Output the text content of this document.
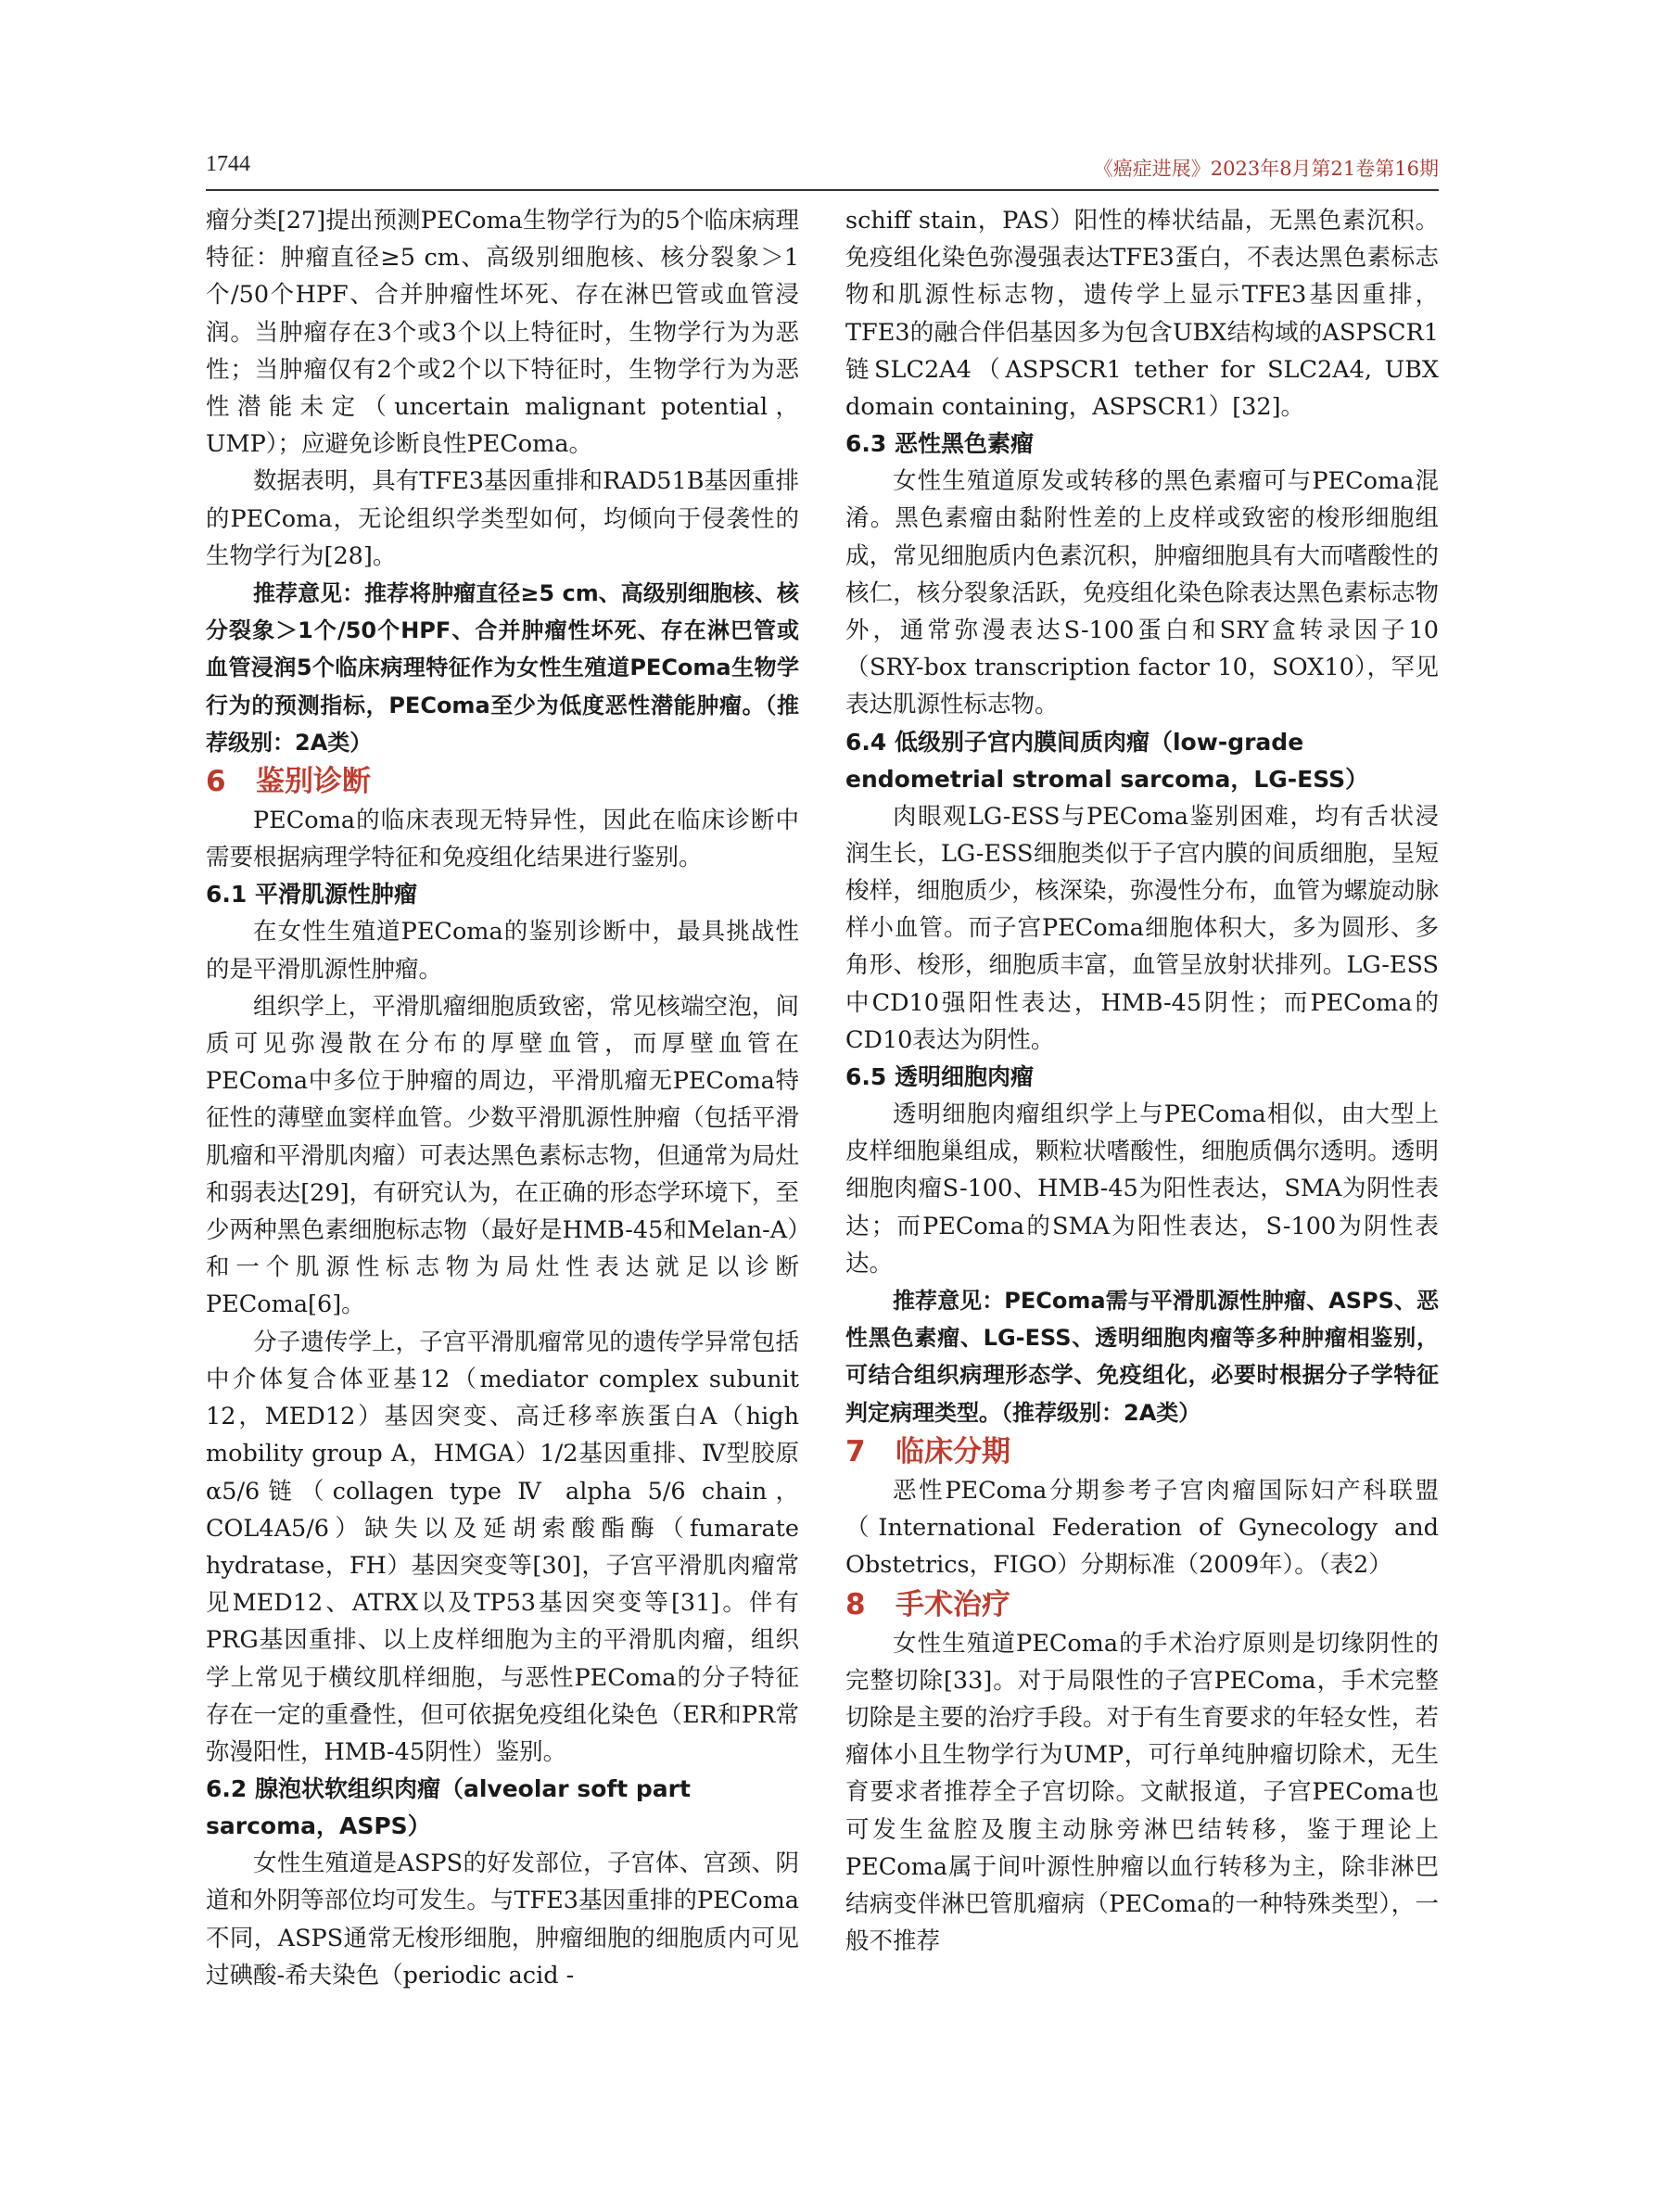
1744	《癌症进展》2023年8月第21卷第16期

瘤分类[27]提出预测PEComa生物学行为的5个临床病理特征：肿瘤直径≥5 cm、高级别细胞核、核分裂象＞1个/50个HPF、合并肿瘤性坏死、存在淋巴管或血管浸润。当肿瘤存在3个或3个以上特征时，生物学行为为恶性；当肿瘤仅有2个或2个以下特征时，生物学行为为恶性潜能未定（uncertain malignant potential，UMP）；应避免诊断良性PEComa。

数据表明，具有TFE3基因重排和RAD51B基因重排的PEComa，无论组织学类型如何，均倾向于侵袭性的生物学行为[28]。

推荐意见：推荐将肿瘤直径≥5 cm、高级别细胞核、核分裂象＞1个/50个HPF、合并肿瘤性坏死、存在淋巴管或血管浸润5个临床病理特征作为女性生殖道PEComa生物学行为的预测指标，PEComa至少为低度恶性潜能肿瘤。（推荐级别：2A类）

6 鉴别诊断

PEComa的临床表现无特异性，因此在临床诊断中需要根据病理学特征和免疫组化结果进行鉴别。

6.1 平滑肌源性肿瘤

在女性生殖道PEComa的鉴别诊断中，最具挑战性的是平滑肌源性肿瘤。

组织学上，平滑肌瘤细胞质致密，常见核端空泡，间质可见弥漫散在分布的厚壁血管，而厚壁血管在PEComa中多位于肿瘤的周边，平滑肌瘤无PEComa特征性的薄壁血窦样血管。少数平滑肌源性肿瘤（包括平滑肌瘤和平滑肌肉瘤）可表达黑色素标志物，但通常为局灶和弱表达[29]，有研究认为，在正确的形态学环境下，至少两种黑色素细胞标志物（最好是HMB-45和Melan-A）和一个肌源性标志物为局灶性表达就足以诊断PEComa[6]。

分子遗传学上，子宫平滑肌瘤常见的遗传学异常包括中介体复合体亚基12（mediator complex subunit 12，MED12）基因突变、高迁移率族蛋白A（high mobility group A，HMGA）1/2基因重排、Ⅳ型胶原α5/6链（collagen type Ⅳ alpha 5/6 chain，COL4A5/6）缺失以及延胡索酸酯酶（fumarate hydratase，FH）基因突变等[30]，子宫平滑肌肉瘤常见MED12、ATRX以及TP53基因突变等[31]。伴有PRG基因重排、以上皮样细胞为主的平滑肌肉瘤，组织学上常见于横纹肌样细胞，与恶性PEComa的分子特征存在一定的重叠性，但可依据免疫组化染色（ER和PR常弥漫阳性，HMB-45阴性）鉴别。

6.2 腺泡状软组织肉瘤（alveolar soft part sarcoma，ASPS）

女性生殖道是ASPS的好发部位，子宫体、宫颈、阴道和外阴等部位均可发生。与TFE3基因重排的PEComa不同，ASPS通常无梭形细胞，肿瘤细胞的细胞质内可见过碘酸-希夫染色（periodic acid -

schiff stain，PAS）阳性的棒状结晶，无黑色素沉积。免疫组化染色弥漫强表达TFE3蛋白，不表达黑色素标志物和肌源性标志物，遗传学上显示TFE3基因重排，TFE3的融合伴侣基因多为包含UBX结构域的ASPSCR1链SLC2A4（ASPSCR1 tether for SLC2A4, UBX domain containing，ASPSCR1）[32]。

6.3 恶性黑色素瘤

女性生殖道原发或转移的黑色素瘤可与PEComa混淆。黑色素瘤由黏附性差的上皮样或致密的梭形细胞组成，常见细胞质内色素沉积，肿瘤细胞具有大而嗜酸性的核仁，核分裂象活跃，免疫组化染色除表达黑色素标志物外，通常弥漫表达S-100蛋白和SRY盒转录因子10（SRY-box transcription factor 10，SOX10），罕见表达肌源性标志物。

6.4 低级别子宫内膜间质肉瘤（low-grade endometrial stromal sarcoma，LG-ESS）

肉眼观LG-ESS与PEComa鉴别困难，均有舌状浸润生长，LG-ESS细胞类似于子宫内膜的间质细胞，呈短梭样，细胞质少，核深染，弥漫性分布，血管为螺旋动脉样小血管。而子宫PEComa细胞体积大，多为圆形、多角形、梭形，细胞质丰富，血管呈放射状排列。LG-ESS中CD10强阳性表达，HMB-45阴性；而PEComa的CD10表达为阴性。

6.5 透明细胞肉瘤

透明细胞肉瘤组织学上与PEComa相似，由大型上皮样细胞巢组成，颗粒状嗜酸性，细胞质偶尔透明。透明细胞肉瘤S-100、HMB-45为阳性表达，SMA为阴性表达；而PEComa的SMA为阳性表达，S-100为阴性表达。

推荐意见：PEComa需与平滑肌源性肿瘤、ASPS、恶性黑色素瘤、LG-ESS、透明细胞肉瘤等多种肿瘤相鉴别，可结合组织病理形态学、免疫组化，必要时根据分子学特征判定病理类型。（推荐级别：2A类）

7 临床分期

恶性PEComa分期参考子宫肉瘤国际妇产科联盟（International Federation of Gynecology and Obstetrics，FIGO）分期标准（2009年）。（表2）

8 手术治疗

女性生殖道PEComa的手术治疗原则是切缘阴性的完整切除[33]。对于局限性的子宫PEComa，手术完整切除是主要的治疗手段。对于有生育要求的年轻女性，若瘤体小且生物学行为UMP，可行单纯肿瘤切除术，无生育要求者推荐全子宫切除。文献报道，子宫PEComa也可发生盆腔及腹主动脉旁淋巴结转移，鉴于理论上PEComa属于间叶源性肿瘤以血行转移为主，除非淋巴结病变伴淋巴管肌瘤病（PEComa的一种特殊类型），一般不推荐
